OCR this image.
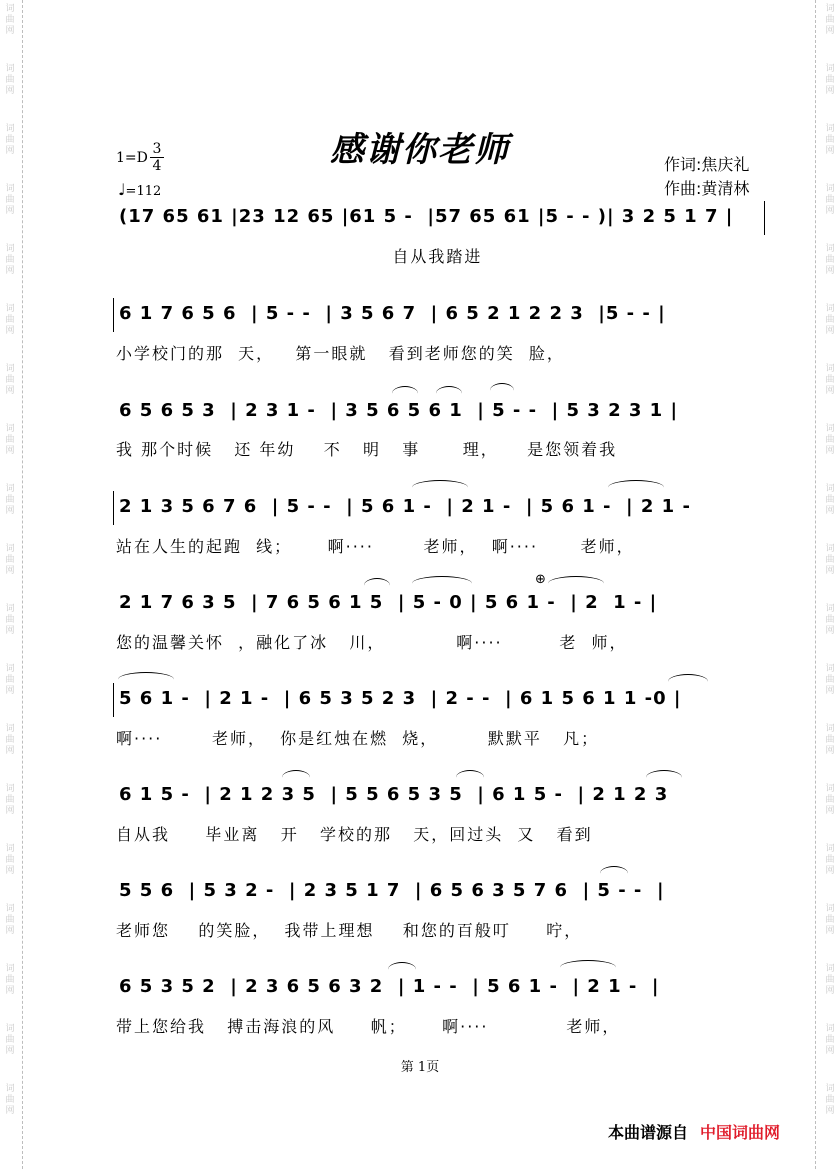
词
曲
网
词
曲
网
词
曲
网
词
曲
网
词
曲
网
词
曲
网
词
曲
网
词
曲
网
词
曲
网
词
曲
网
词
曲
网
词
曲
网
词
曲
网
词
曲
网
词
曲
网
词
曲
网
词
曲
网
词
曲
网
词
曲
网
词
曲
网
词
曲
网
词
曲
网
词
曲
网
词
曲
网
词
曲
网
词
曲
网
词
曲
网
词
曲
网
词
曲
网
词
曲
网
词
曲
网
词
曲
网
词
曲
网
词
曲
网
词
曲
网
词
曲
网
词
曲
网
词
曲
网
感谢你老师
$1=D \frac{3}{4}$
♩=112
作词:焦庆礼
作曲:黄清林

(17 65 61 |23 12 65 |61 5 -  |57 65 61 |5 - - )| 3 2 5 1 7 |

自从我踏进

6 1 7 6 5 6  | 5 - -  | 3 5 6 7  | 6 5 2 1 2 2 3  |5 - - |

小学校门的那  天，   第一眼就   看到老师您的笑  脸，

6 5 6 5 3  | 2 3 1 -  | 3 5 6 5 6 1  | 5 - -  | 5 3 2 3 1 |

我 那个时候   还 年幼    不   明   事      理，    是您领着我

2 1 3 5 6 7 6  | 5 - -  | 5 6 1 -  | 2 1 -  | 5 6 1 -  | 2 1 -

站在人生的起跑  线；     啊····       老师，  啊····      老师，

2 1 7 6 3 5  | 7 6 5 6 1 5  | 5 - 0 | 5 6 1 -  | 2  1 - |

⊕
您的温馨关怀  ，融化了冰   川，          啊····        老  师，

5 6 1 -  | 2 1 -  | 6 5 3 5 2 3  | 2 - -  | 6 1 5 6 1 1 -0 |

啊····       老师，  你是红烛在燃  烧，       默默平   凡；

6 1 5 -  | 2 1 2 3 5  | 5 5 6 5 3 5  | 6 1 5 -  | 2 1 2 3

自从我     毕业离   开   学校的那   天，回过头  又   看到

5 5 6  | 5 3 2 -  | 2 3 5 1 7  | 6 5 6 3 5 7 6  | 5 - -  |

老师您    的笑脸，  我带上理想    和您的百般叮     咛，

6 5 3 5 2  | 2 3 6 5 6 3 2  | 1 - -  | 5 6 1 -  | 2 1 -  |

带上您给我   搏击海浪的风     帆；     啊····           老师，
第 1页
本曲谱源自 中国词曲网
